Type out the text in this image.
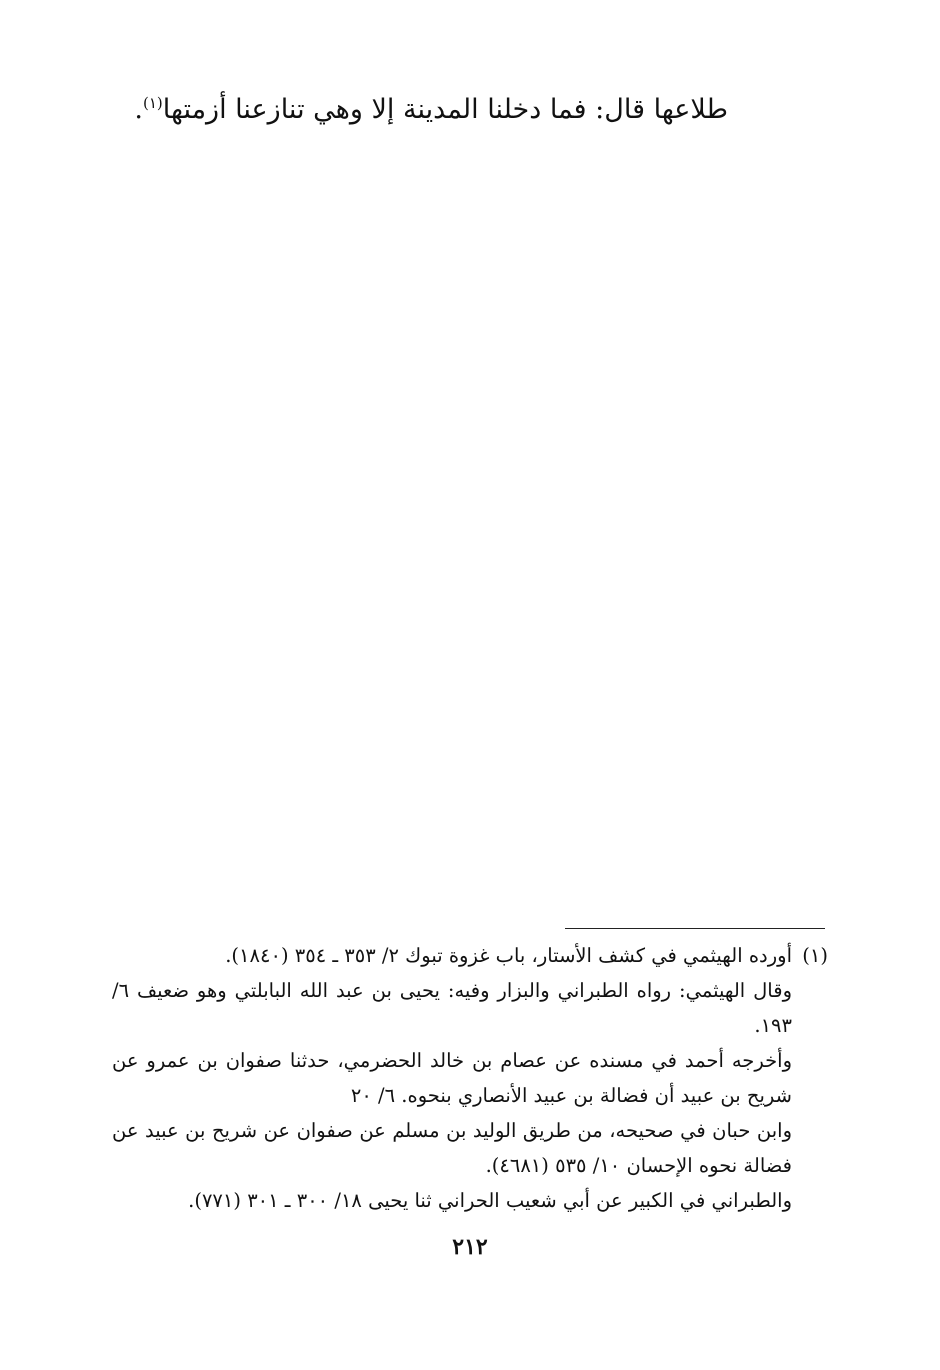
طلاعها قال: فما دخلنا المدينة إلا وهي تنازعنا أزمتها$^{(١)}$.
(١)
أورده الهيثمي في كشف الأستار، باب غزوة تبوك ٢/ ٣٥٣ ـ ٣٥٤ (١٨٤٠).
وقال الهيثمي: رواه الطبراني والبزار وفيه: يحيى بن عبد الله البابلتي وهو ضعيف ٦/ ١٩٣.
وأخرجه أحمد في مسنده عن عصام بن خالد الحضرمي، حدثنا صفوان بن عمرو عن شريح بن عبيد أن فضالة بن عبيد الأنصاري بنحوه. ٦/ ٢٠
وابن حبان في صحيحه، من طريق الوليد بن مسلم عن صفوان عن شريح بن عبيد عن فضالة نحوه الإحسان ١٠/ ٥٣٥ (٤٦٨١).
والطبراني في الكبير عن أبي شعيب الحراني ثنا يحيى ١٨/ ٣٠٠ ـ ٣٠١ (٧٧١).
٢١٢
